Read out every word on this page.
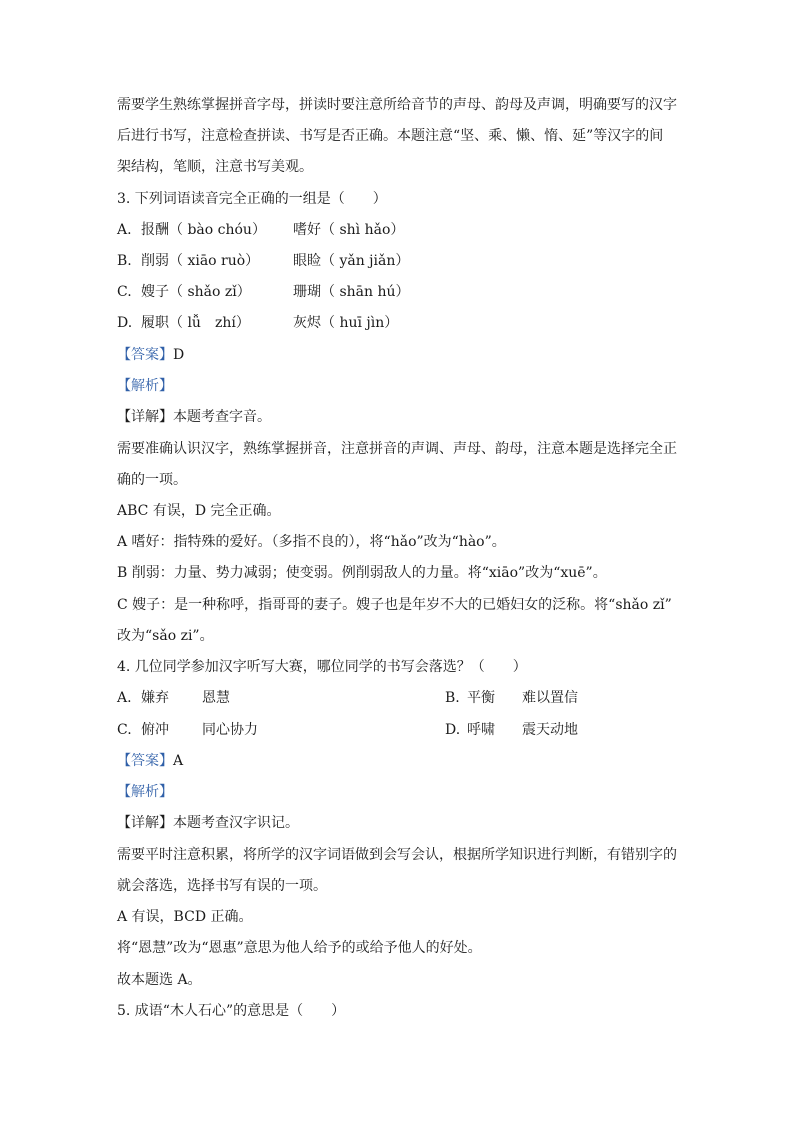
需要学生熟练掌握拼音字母，拼读时要注意所给音节的声母、韵母及声调，明确要写的汉字
后进行书写，注意检查拼读、书写是否正确。本题注意“坚、乘、懒、惰、延”等汉字的间
架结构，笔顺，注意书写美观。
3. 下列词语读音完全正确的一组是（　　）
A. 报酬（ bào chóu） 嗜好（ shì hǎo）
B. 削弱（ xiāo ruò） 眼睑（ yǎn jiǎn）
C. 嫂子（ shǎo zǐ）	珊瑚（ shān hú）
D. 履职（ lǚ　zhí）	灰烬（ huī jìn）
【答案】D
【解析】
【详解】本题考查字音。
需要准确认识汉字，熟练掌握拼音，注意拼音的声调、声母、韵母，注意本题是选择完全正
确的一项。
ABC 有误，D 完全正确。
A 嗜好：指特殊的爱好。（多指不良的），将“hǎo”改为“hào”。
B 削弱：力量、势力减弱；使变弱。例削弱敌人的力量。将“xiāo”改为“xuē”。
C 嫂子：是一种称呼，指哥哥的妻子。嫂子也是年岁不大的已婚妇女的泛称。将“shǎo zǐ”
改为“sǎo zi”。
4. 几位同学参加汉字听写大赛，哪位同学的书写会落选？（　　）
A. 嫌弃 恩慧	B. 平衡 难以置信
C. 俯冲 同心协力	D. 呼啸 震天动地
【答案】A
【解析】
【详解】本题考查汉字识记。
需要平时注意积累，将所学的汉字词语做到会写会认，根据所学知识进行判断，有错别字的
就会落选，选择书写有误的一项。
A 有误，BCD 正确。
将“恩慧”改为“恩惠”意思为他人给予的或给予他人的好处。
故本题选 A。
5. 成语“木人石心”的意思是（　　）
